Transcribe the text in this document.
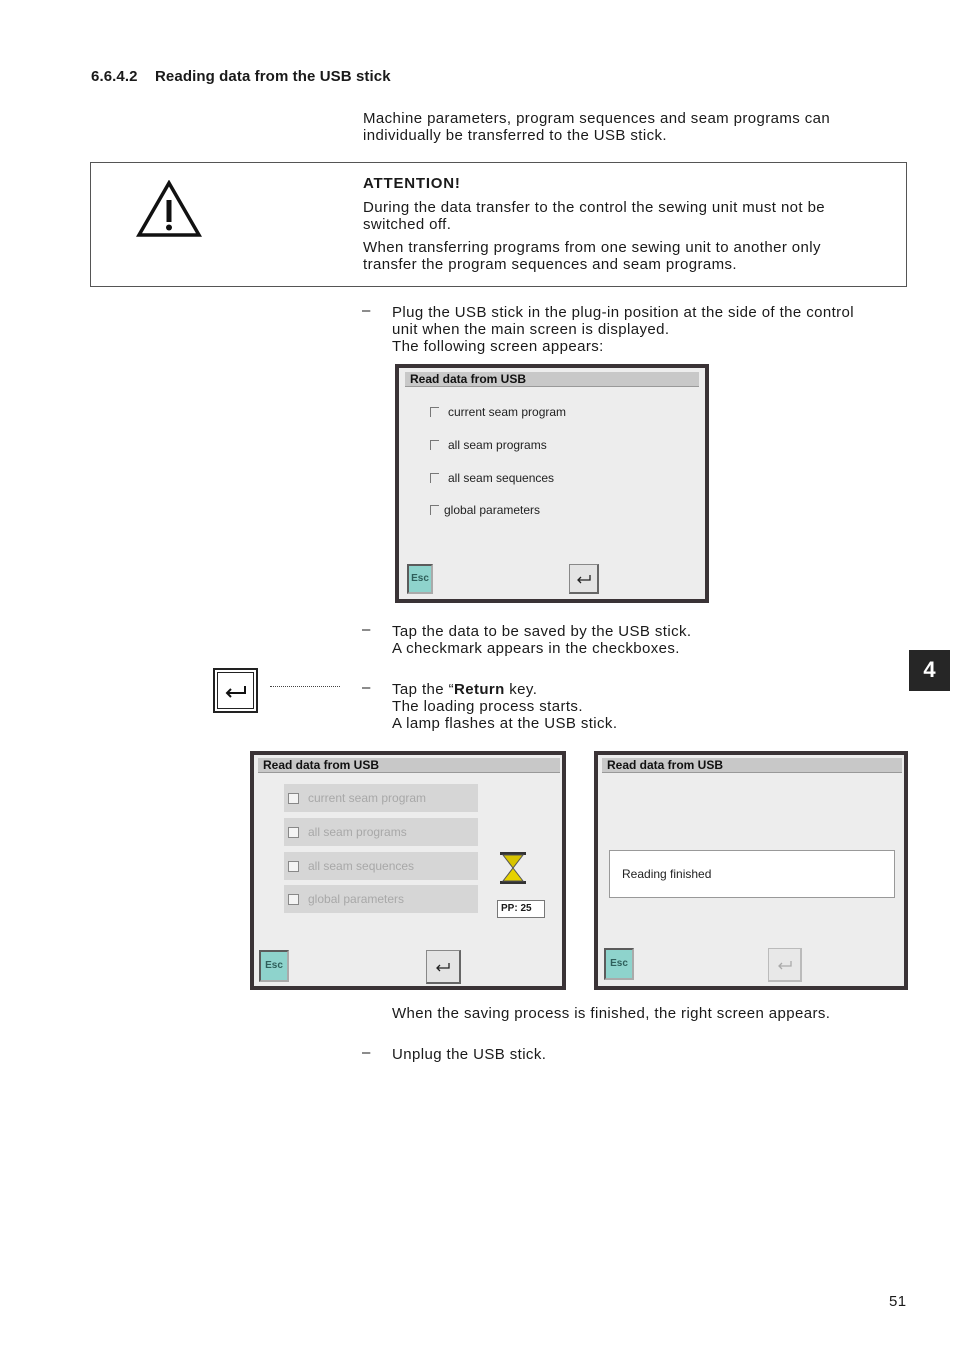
6.6.4.2 Reading data from the USB stick
Machine parameters, program sequences and seam programs can
individually be transferred to the USB stick.
ATTENTION!
During the data transfer to the control the sewing unit must not be
switched off.
When transferring programs from one sewing unit to another only
transfer the program sequences and seam programs.
–	Plug the USB stick in the plug-in position at the side of the control
unit when the main screen is displayed.
The following screen appears:
Read data from USB
current seam program
all seam programs
all seam sequences
global parameters
Esc
–	Tap the data to be saved by the USB stick.
A checkmark appears in the checkboxes.
4
–	Tap the “Return key.
The loading process starts.
A lamp flashes at the USB stick.
Read data from USB
current seam program
all seam programs
all seam sequences
global parameters
PP: 25
Esc
Read data from USB
Reading finished
Esc
When the saving process is finished, the right screen appears.
–	Unplug the USB stick.
51
